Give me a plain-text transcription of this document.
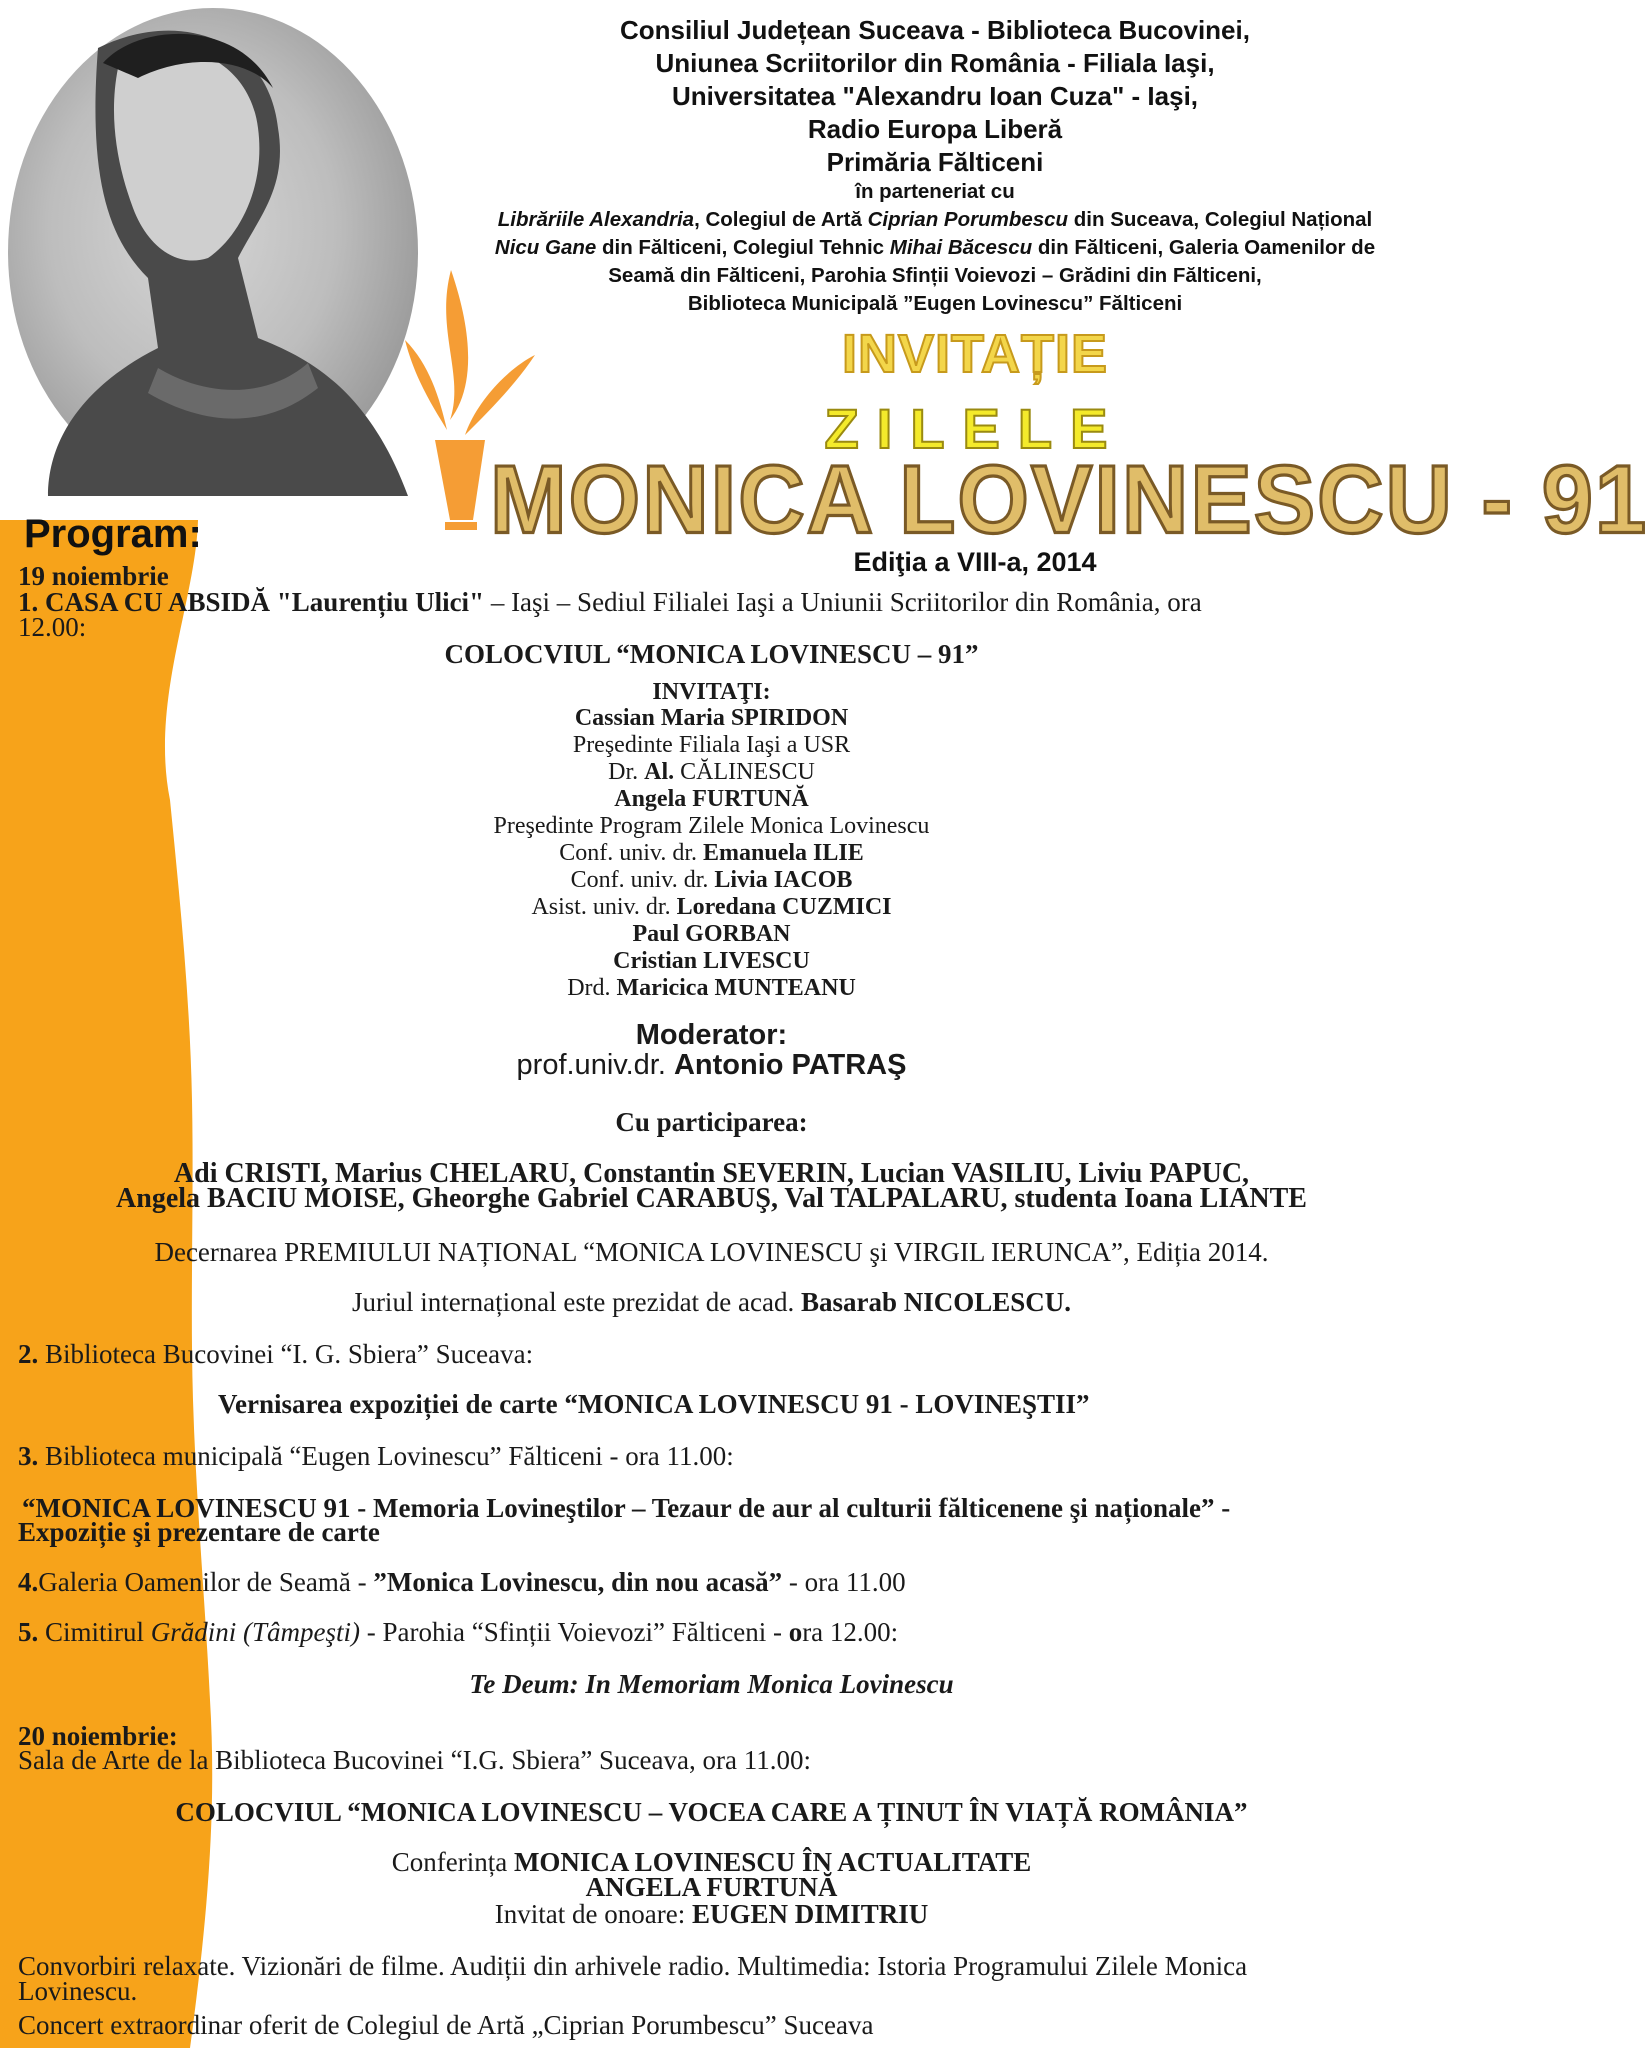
Consiliul Județean Suceava - Biblioteca Bucovinei,
Uniunea Scriitorilor din România - Filiala Iaşi,
Universitatea "Alexandru Ioan Cuza" - Iaşi,
Radio Europa Liberă
Primăria Fălticeni
în parteneriat cu
Librăriile Alexandria, Colegiul de Artă Ciprian Porumbescu din Suceava, Colegiul Național
Nicu Gane din Fălticeni, Colegiul Tehnic Mihai Băcescu din Fălticeni, Galeria Oamenilor de
Seamă din Fălticeni, Parohia Sfinții Voievozi – Grădini din Fălticeni,
Biblioteca Municipală ”Eugen Lovinescu” Fălticeni
INVITAȚIE
ZILELE
MONICA LOVINESCU - 91
Ediţia a VIII-a, 2014
Program:
19 noiembrie
1. CASA CU ABSIDĂ "Laurențiu Ulici" – Iaşi – Sediul Filialei Iaşi a Uniunii Scriitorilor din România, ora
12.00:
COLOCVIUL “MONICA LOVINESCU – 91”
INVITAŢI:
Cassian Maria SPIRIDON
Preşedinte Filiala Iaşi a USR
Dr. Al. CĂLINESCU
Angela FURTUNĂ
Preşedinte Program Zilele Monica Lovinescu
Conf. univ. dr. Emanuela ILIE
Conf. univ. dr. Livia IACOB
Asist. univ. dr. Loredana CUZMICI
Paul GORBAN
Cristian LIVESCU
Drd. Maricica MUNTEANU
Moderator:
prof.univ.dr. Antonio PATRAŞ
Cu participarea:
Adi CRISTI, Marius CHELARU, Constantin SEVERIN, Lucian VASILIU, Liviu PAPUC,
Angela BACIU MOISE, Gheorghe Gabriel CARABUŞ, Val TALPALARU, studenta Ioana LIANTE
Decernarea PREMIULUI NAȚIONAL “MONICA LOVINESCU şi VIRGIL IERUNCA”, Ediția 2014.
Juriul internațional este prezidat de acad. Basarab NICOLESCU.
2. Biblioteca Bucovinei “I. G. Sbiera” Suceava:
Vernisarea expoziției de carte “MONICA LOVINESCU 91 - LOVINEŞTII”
3. Biblioteca municipală “Eugen Lovinescu” Fălticeni - ora 11.00:
“MONICA LOVINESCU 91 - Memoria Lovineştilor – Tezaur de aur al culturii fălticenene şi naționale” -
Expoziție şi prezentare de carte
4.Galeria Oamenilor de Seamă - ”Monica Lovinescu, din nou acasă” - ora 11.00
5. Cimitirul Grădini (Tâmpeşti) - Parohia “Sfinții Voievozi” Fălticeni - ora 12.00:
Te Deum: In Memoriam Monica Lovinescu
20 noiembrie:
Sala de Arte de la Biblioteca Bucovinei “I.G. Sbiera” Suceava, ora 11.00:
COLOCVIUL “MONICA LOVINESCU – VOCEA CARE A ȚINUT ÎN VIAȚĂ ROMÂNIA”
Conferința MONICA LOVINESCU ÎN ACTUALITATE
ANGELA FURTUNĂ
Invitat de onoare: EUGEN DIMITRIU
Convorbiri relaxate. Vizionări de filme. Audiții din arhivele radio. Multimedia: Istoria Programului Zilele Monica
Lovinescu.
Concert extraordinar oferit de Colegiul de Artă „Ciprian Porumbescu” Suceava
